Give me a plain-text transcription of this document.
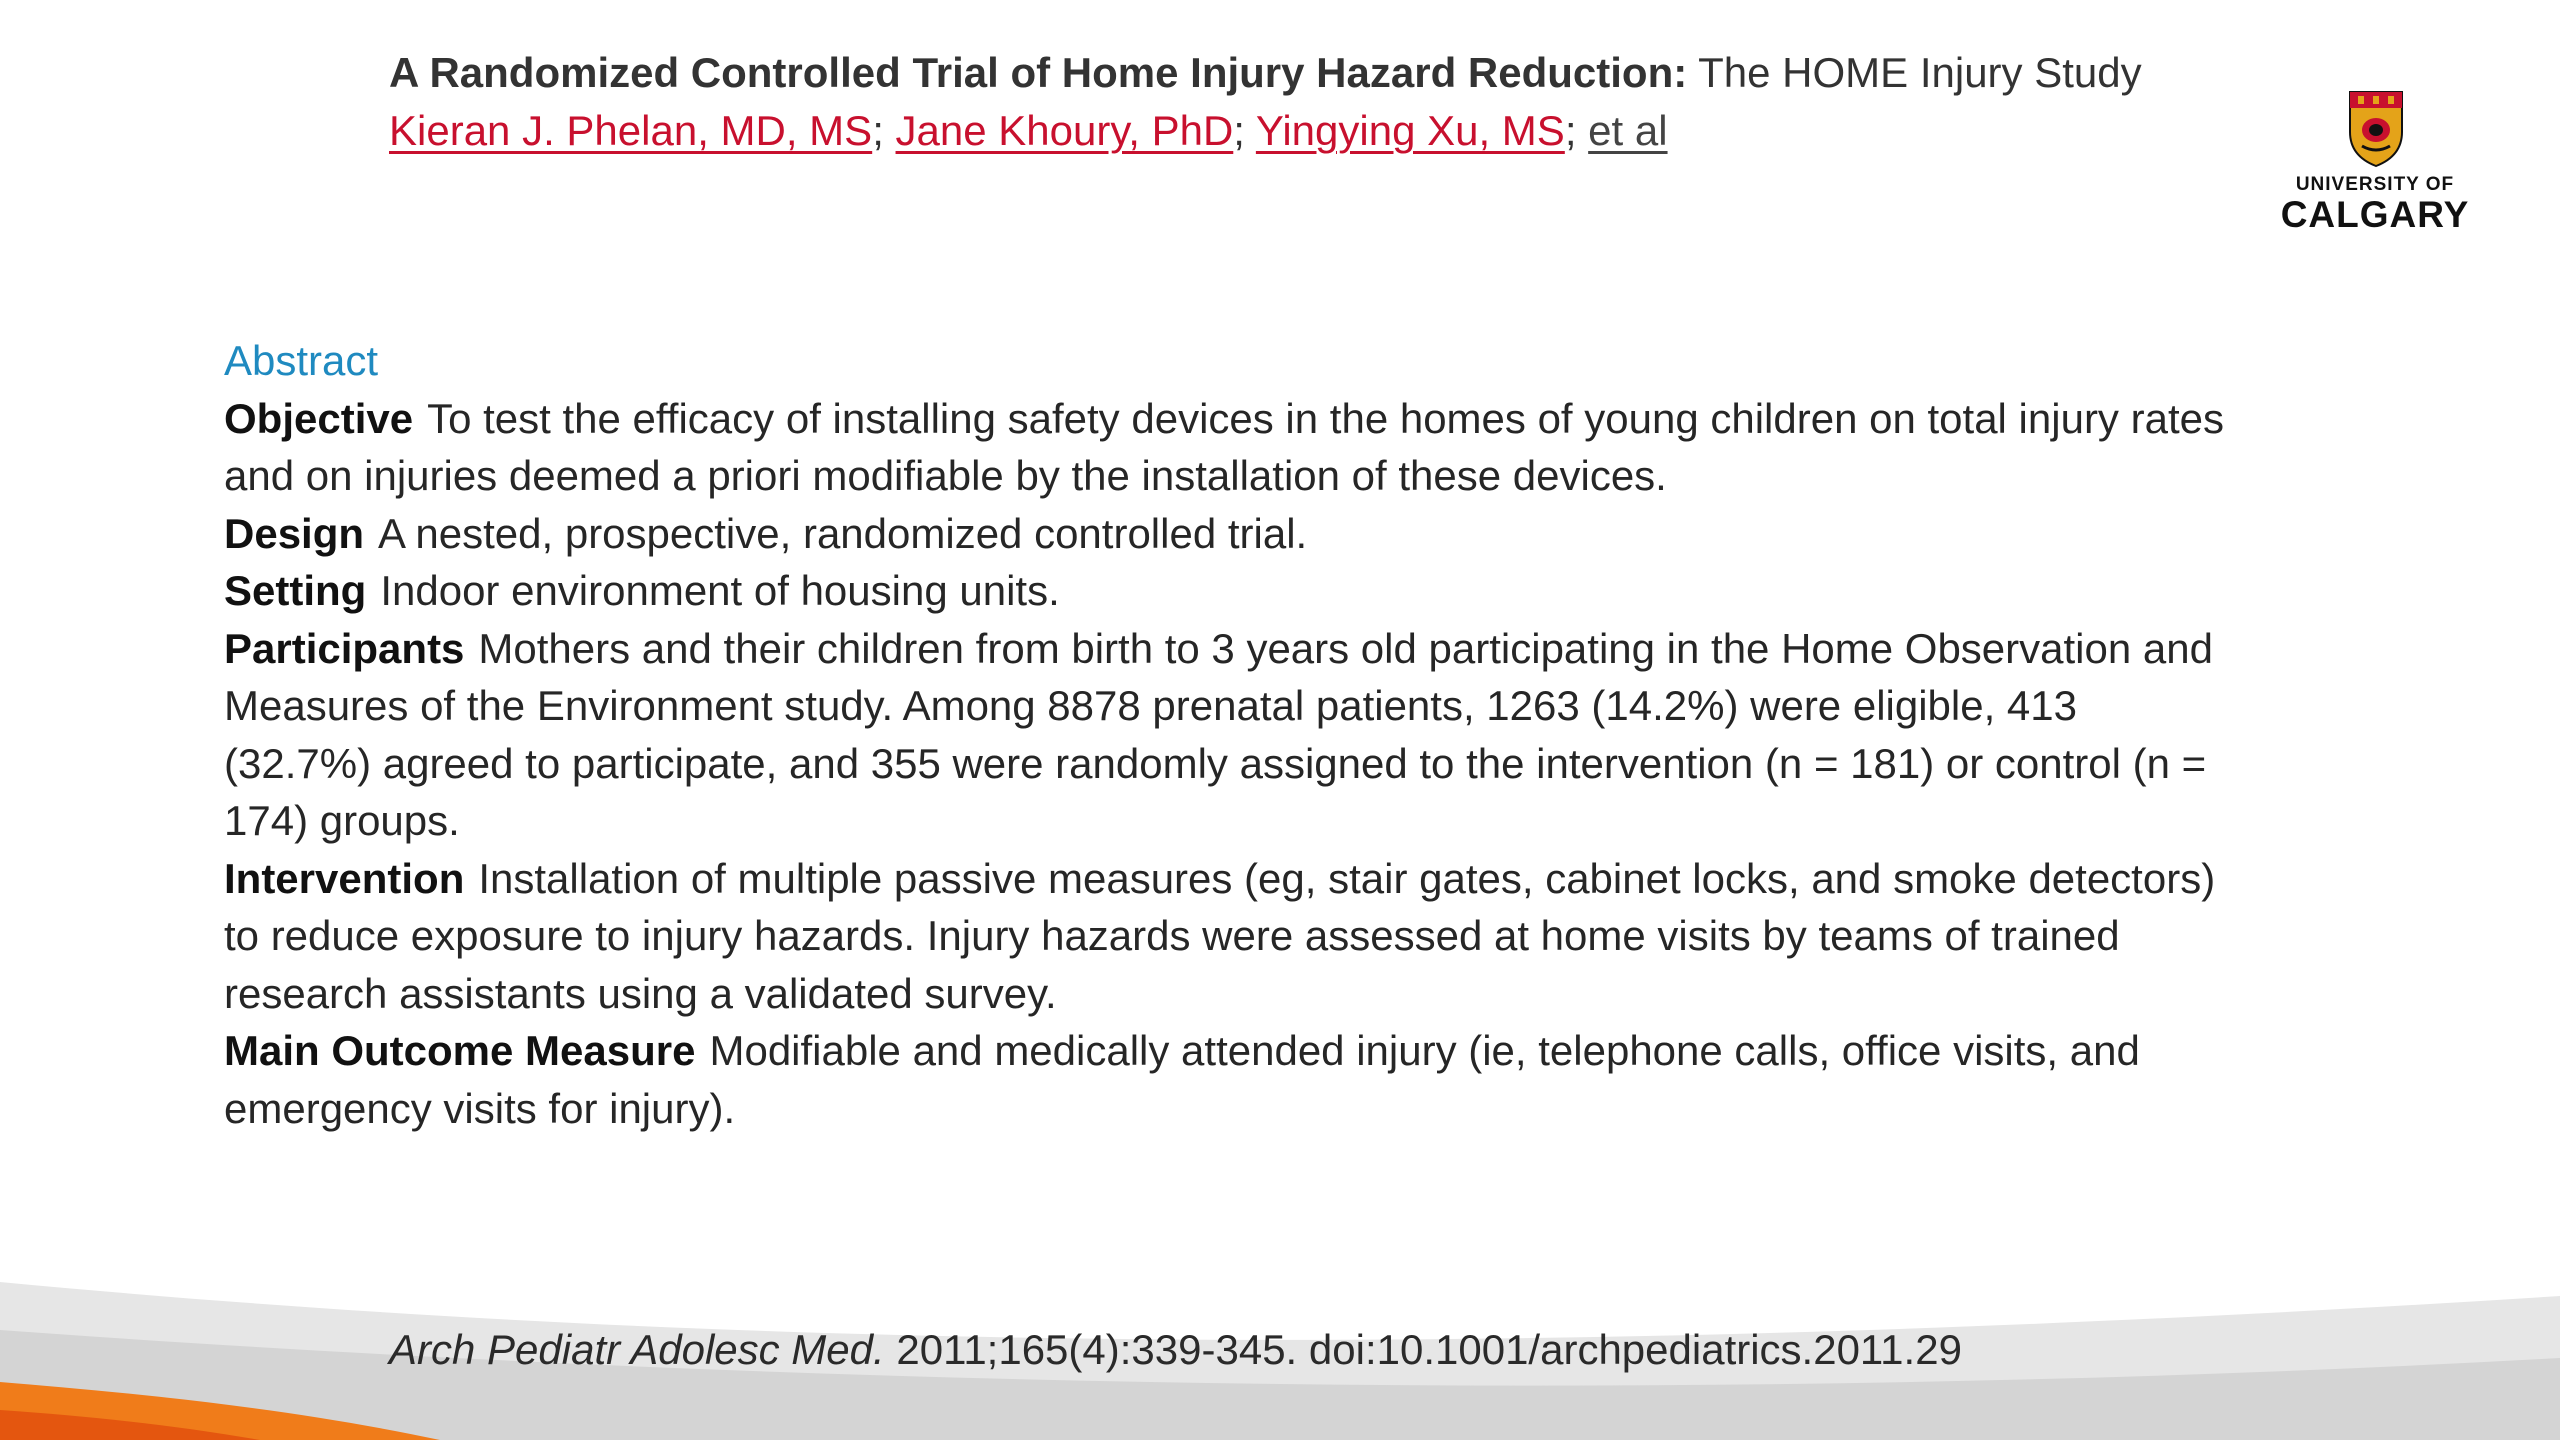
A Randomized Controlled Trial of Home Injury Hazard Reduction: The HOME Injury Study
Kieran J. Phelan, MD, MS; Jane Khoury, PhD; Yingying Xu, MS; et al
UNIVERSITY OF
CALGARY
Abstract
Objective To test the efficacy of installing safety devices in the homes of young children on total injury rates and on injuries deemed a priori modifiable by the installation of these devices.
Design A nested, prospective, randomized controlled trial.
Setting Indoor environment of housing units.
Participants Mothers and their children from birth to 3 years old participating in the Home Observation and Measures of the Environment study. Among 8878 prenatal patients, 1263 (14.2%) were eligible, 413 (32.7%) agreed to participate, and 355 were randomly assigned to the intervention (n = 181) or control (n = 174) groups.
Intervention Installation of multiple passive measures (eg, stair gates, cabinet locks, and smoke detectors) to reduce exposure to injury hazards. Injury hazards were assessed at home visits by teams of trained research assistants using a validated survey.
Main Outcome Measure Modifiable and medically attended injury (ie, telephone calls, office visits, and emergency visits for injury).
Arch Pediatr Adolesc Med. 2011;165(4):339-345. doi:10.1001/archpediatrics.2011.29
